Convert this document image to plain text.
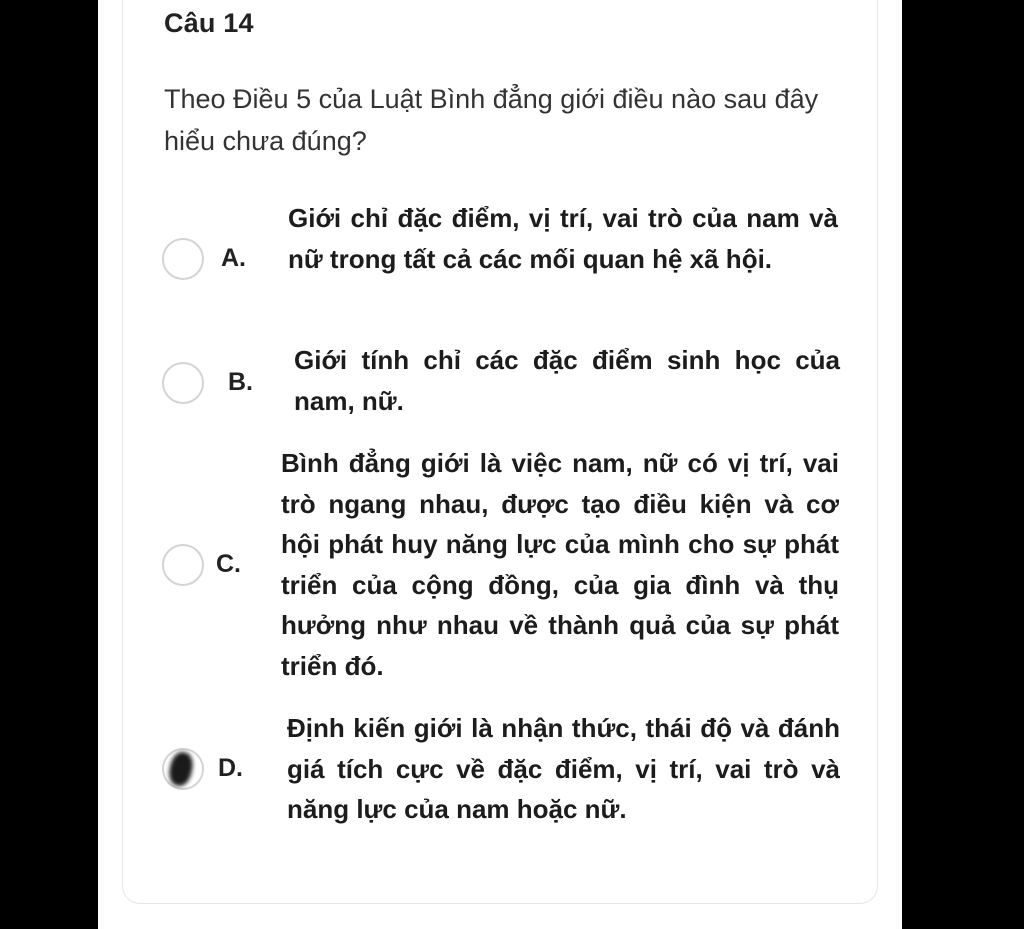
Câu 14
Theo Điều 5 của Luật Bình đẳng giới điều nào sau đây hiểu chưa đúng?
A.
Giới chỉ đặc điểm, vị trí, vai trò của nam và nữ trong tất cả các mối quan hệ xã hội.
B.
Giới tính chỉ các đặc điểm sinh học của nam, nữ.
C.
Bình đẳng giới là việc nam, nữ có vị trí, vai trò ngang nhau, được tạo điều kiện và cơ hội phát huy năng lực của mình cho sự phát triển của cộng đồng, của gia đình và thụ hưởng như nhau về thành quả của sự phát triển đó.
D.
Định kiến giới là nhận thức, thái độ và đánh giá tích cực về đặc điểm, vị trí, vai trò và năng lực của nam hoặc nữ.
